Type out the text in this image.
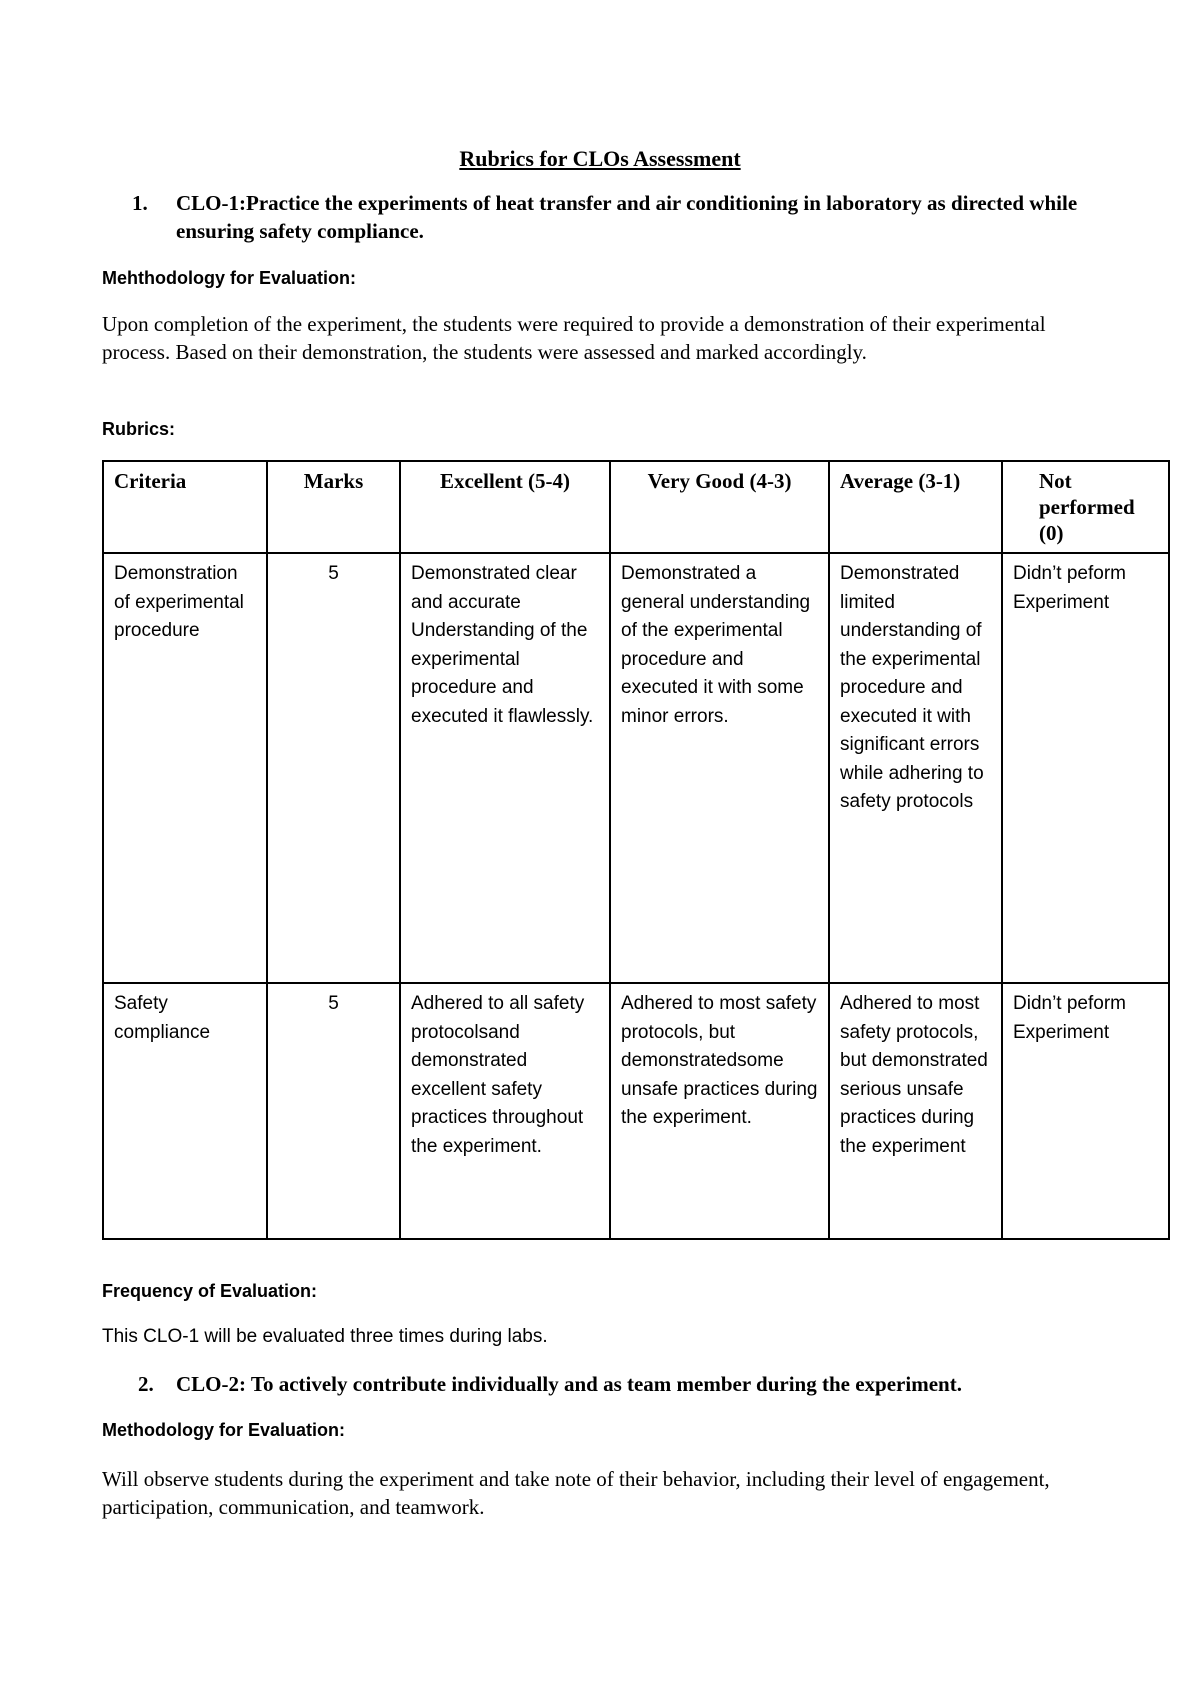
Rubrics for CLOs Assessment
1. CLO-1:Practice the experiments of heat transfer and air conditioning in laboratory as directed while ensuring safety compliance.
Mehthodology for Evaluation:
Upon completion of the experiment, the students were required to provide a demonstration of their experimental process. Based on their demonstration, the students were assessed and marked accordingly.
Rubrics:
Criteria	Marks	Excellent (5-4)	Very Good (4-3)	Average (3-1)	Not performed (0)
Demonstration of experimental procedure	5	Demonstrated clear and accurate Understanding of the experimental procedure and executed it flawlessly.	Demonstrated a general understanding of the experimental procedure and executed it with some minor errors.	Demonstrated limited understanding of the experimental procedure and executed it with significant errors while adhering to safety protocols	Didn’t peform Experiment
Safety compliance	5	Adhered to all safety protocolsand demonstrated excellent safety practices throughout the experiment.	Adhered to most safety protocols, but demonstratedsome unsafe practices during the experiment.	Adhered to most safety protocols, but demonstrated serious unsafe practices during the experiment	Didn’t peform Experiment
Frequency of Evaluation:
This CLO-1 will be evaluated three times during labs.
2. CLO-2: To actively contribute individually and as team member during the experiment.
Methodology for Evaluation:
Will observe students during the experiment and take note of their behavior, including their level of engagement, participation, communication, and teamwork.
